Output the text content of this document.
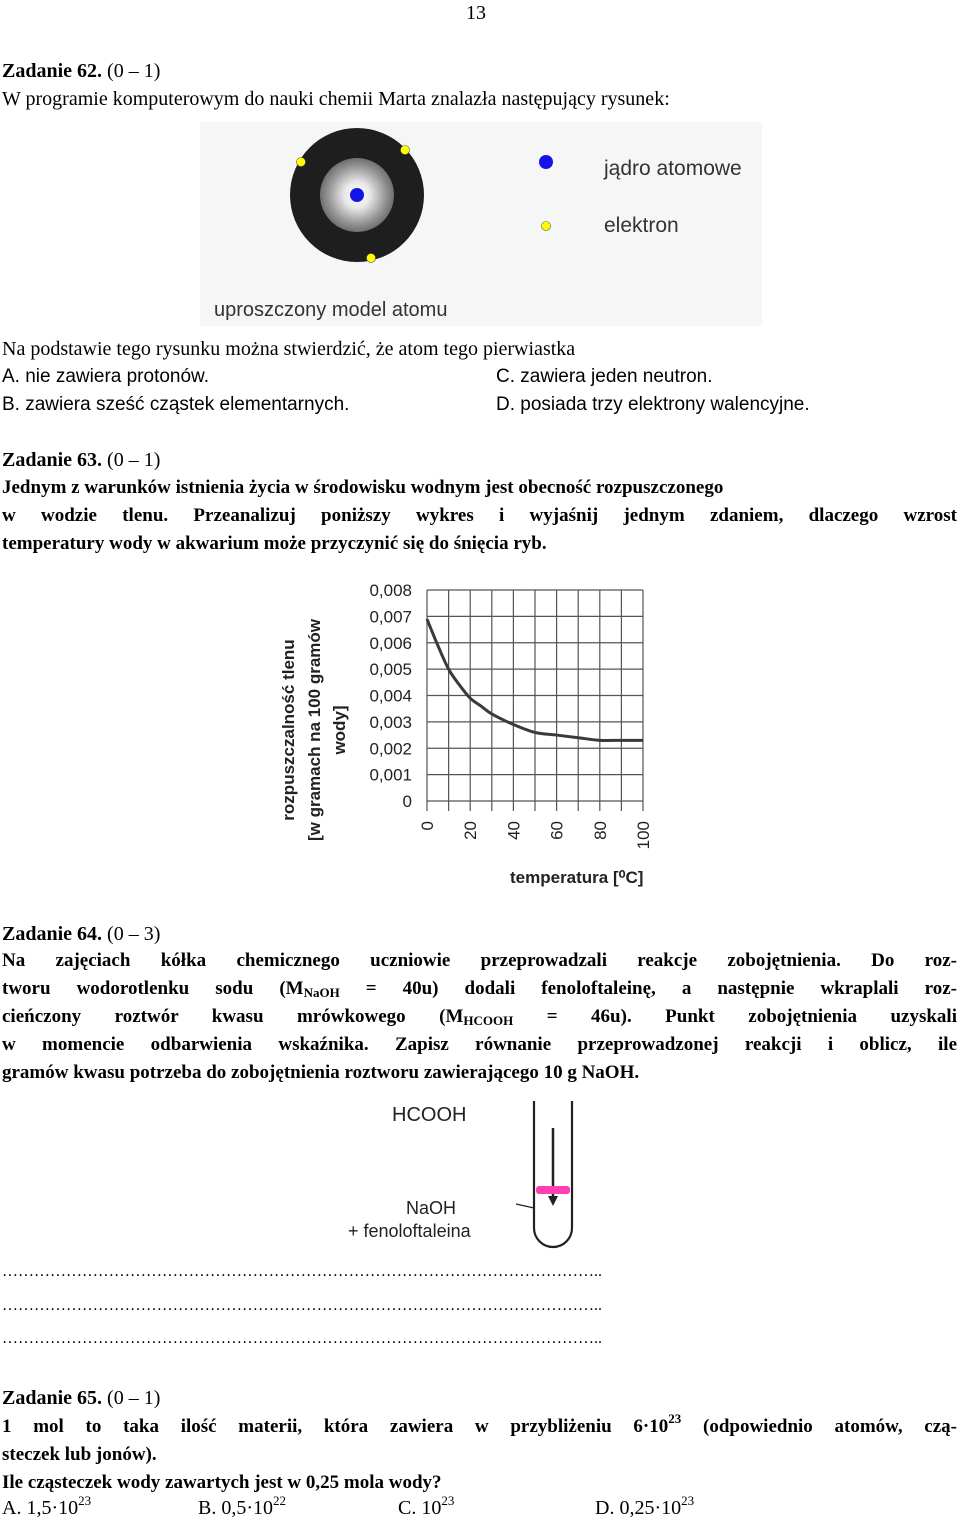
13
Zadanie 62. (0 – 1)
W programie komputerowym do nauki chemii Marta znalazła następujący rysunek:
jądro atomowe
elektron
uproszczony model atomu
Na podstawie tego rysunku można stwierdzić, że atom tego pierwiastka
A. nie zawiera protonów.	C. zawiera jeden neutron.
B. zawiera sześć cząstek elementarnych.	D. posiada trzy elektrony walencyjne.
Zadanie 63. (0 – 1)
Jednym z warunków istnienia życia w środowisku wodnym jest obecność rozpuszczonego
w wodzie tlenu. Przeanalizuj poniższy wykres i wyjaśnij jednym zdaniem, dlaczego wzrost
temperatury wody w akwarium może przyczynić się do śnięcia ryb.
0
0,001
0,002
0,003
0,004
0,005
0,006
0,007
0,008
0 20 40 60 80 100
rozpuszczalność tlenu [w gramach na 100 gramów wody]
temperatura [⁰C]
Zadanie 64. (0 – 3)
Na zajęciach kółka chemicznego uczniowie przeprowadzali reakcje zobojętnienia. Do roz-
tworu wodorotlenku sodu $(M_{NaOH} = 40u)$ dodali fenoloftaleinę, a następnie wkraplali roz-
cieńczony roztwór kwasu mrówkowego $(M_{HCOOH} = 46u)$. Punkt zobojętnienia uzyskali
w momencie odbarwienia wskaźnika. Zapisz równanie przeprowadzonej reakcji i oblicz, ile
gramów kwasu potrzeba do zobojętnienia roztworu zawierającego 10 g NaOH.
HCOOH
NaOH
+ fenoloftaleina
…………………………………………………………………………………………………..
…………………………………………………………………………………………………..
…………………………………………………………………………………………………..
Zadanie 65. (0 – 1)
1 mol to taka ilość materii, która zawiera w przybliżeniu $6\cdot 10^{23}$ (odpowiednio atomów, czą-
steczek lub jonów).
Ile cząsteczek wody zawartych jest w 0,25 mola wody?
A. $1,5\cdot 10^{23}$	B. $0,5\cdot 10^{22}$	C. $10^{23}$	D. $0,25\cdot 10^{23}$
